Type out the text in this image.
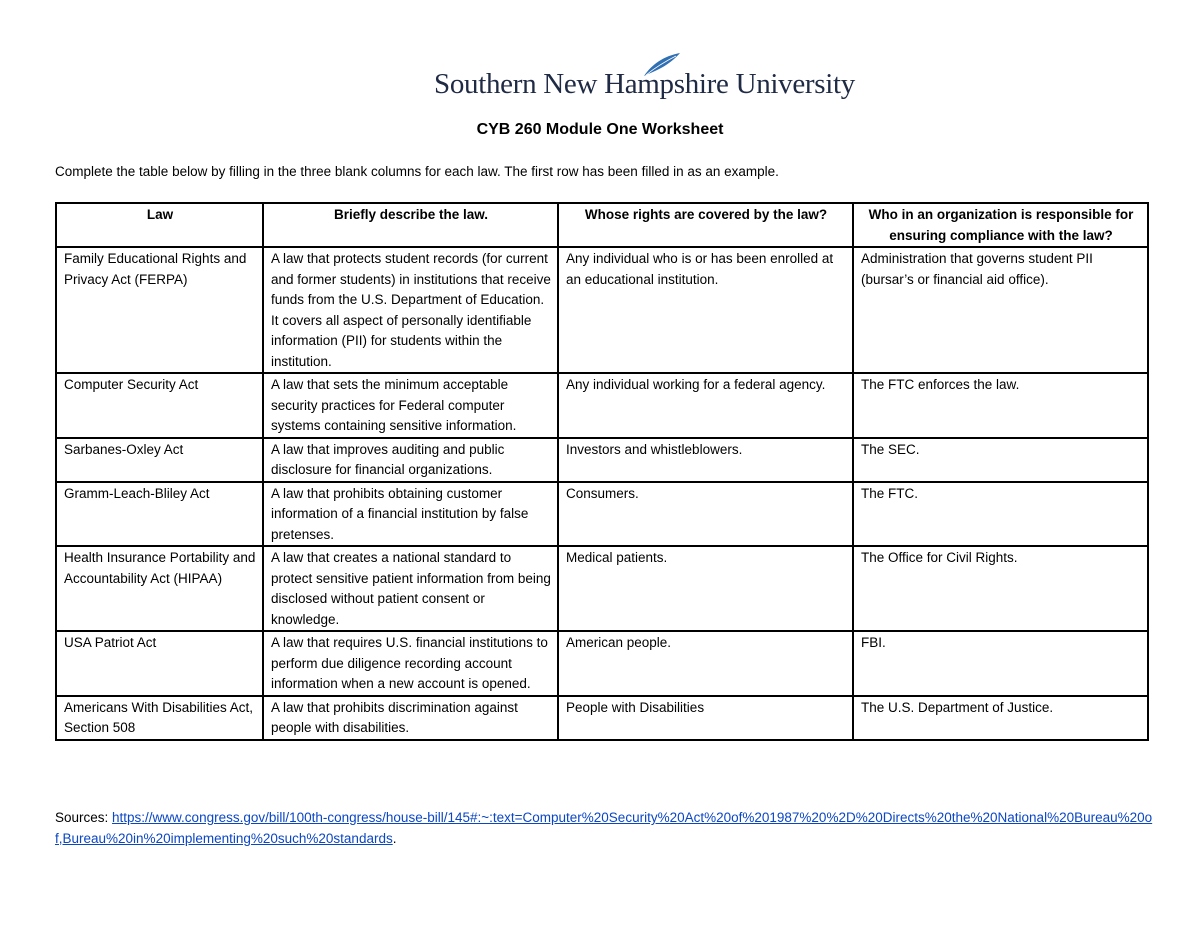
Southern New Hampshire University
CYB 260 Module One Worksheet
Complete the table below by filling in the three blank columns for each law. The first row has been filled in as an example.
Law	Briefly describe the law.	Whose rights are covered by the law?	Who in an organization is responsible for ensuring compliance with the law?
Family Educational Rights and Privacy Act (FERPA)	A law that protects student records (for current and former students) in institutions that receive funds from the U.S. Department of Education. It covers all aspect of personally identifiable information (PII) for students within the institution.	Any individual who is or has been enrolled at an educational institution.	Administration that governs student PII (bursar’s or financial aid office).
Computer Security Act	A law that sets the minimum acceptable security practices for Federal computer systems containing sensitive information.	Any individual working for a federal agency.	The FTC enforces the law.
Sarbanes-Oxley Act	A law that improves auditing and public disclosure for financial organizations.	Investors and whistleblowers.	The SEC.
Gramm-Leach-Bliley Act	A law that prohibits obtaining customer information of a financial institution by false pretenses.	Consumers.	The FTC.
Health Insurance Portability and Accountability Act (HIPAA)	A law that creates a national standard to protect sensitive patient information from being disclosed without patient consent or knowledge.	Medical patients.	The Office for Civil Rights.
USA Patriot Act	A law that requires U.S. financial institutions to perform due diligence recording account information when a new account is opened.	American people.	FBI.
Americans With Disabilities Act, Section 508	A law that prohibits discrimination against people with disabilities.	People with Disabilities	The U.S. Department of Justice.
Sources: https://www.congress.gov/bill/100th-congress/house-bill/145#:~:text=Computer%20Security%20Act%20of%201987%20%2D%20Directs%20the%20National%20Bureau%20of,Bureau%20in%20implementing%20such%20standards.
